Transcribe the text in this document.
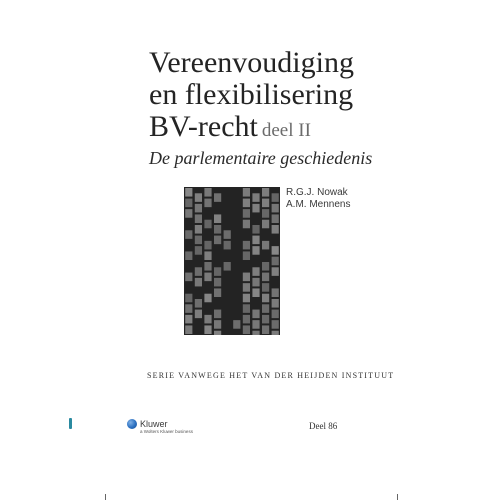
Vereenvoudiging
en flexibilisering
BV-recht deel II
De parlementaire geschiedenis
R.G.J. Nowak
A.M. Mennens
SERIE VANWEGE HET VAN DER HEIJDEN INSTITUUT
Kluwer
a Wolters Kluwer business
Deel 86
